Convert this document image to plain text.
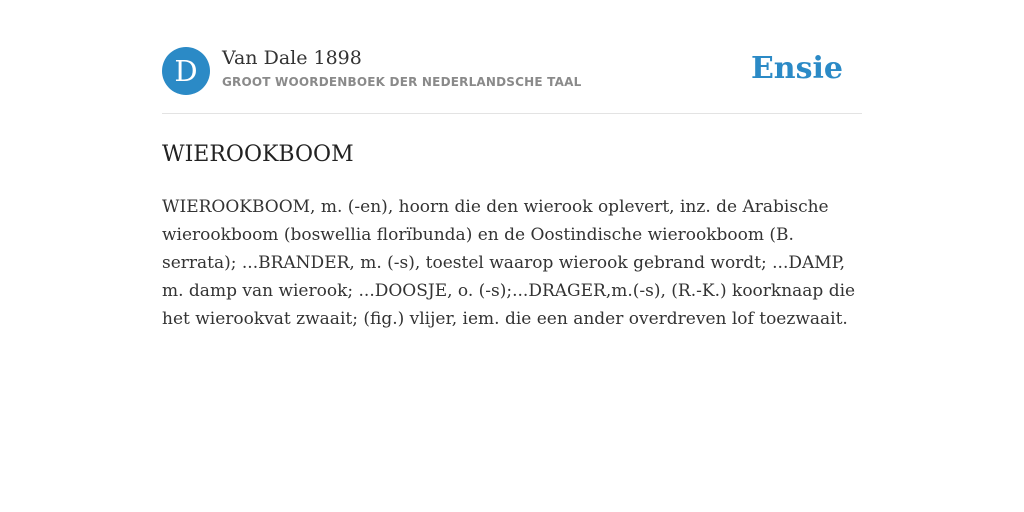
D	Van Dale 1898
GROOT WOORDENBOEK DER NEDERLANDSCHE TAAL	Ensie
WIEROOKBOOM

WIEROOKBOOM, m. (-en), hoorn die den wierook oplevert, inz. de Arabische wierookboom (boswellia florïbunda) en de Oostindische wierookboom (B. serrata); ...BRANDER, m. (-s), toestel waarop wierook gebrand wordt; ...DAMP, m. damp van wierook; ...DOOSJE, o. (-s);...DRAGER,m.(-s), (R.-K.) koorknaap die het wierookvat zwaait; (fig.) vlijer, iem. die een ander overdreven lof toezwaait.
